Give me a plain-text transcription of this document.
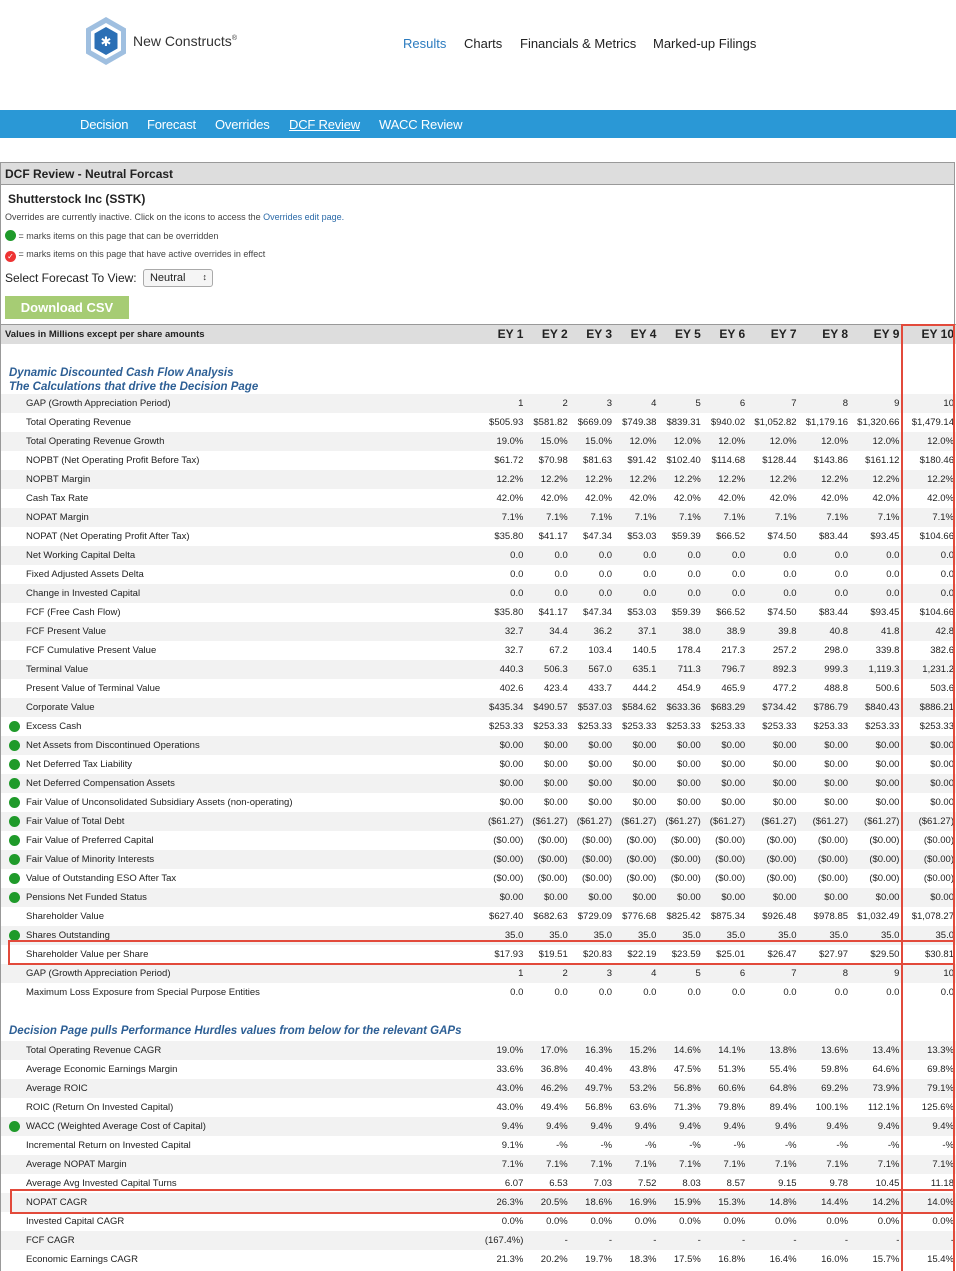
✱ New Constructs®	Results Charts Financials & Metrics Marked-up Filings
Decision Forecast Overrides DCF Review WACC Review
DCF Review - Neutral Forcast
Shutterstock Inc (SSTK)
Overrides are currently inactive. Click on the icons to access the Overrides edit page.
= marks items on this page that can be overridden
✓ = marks items on this page that have active overrides in effect
Select Forecast To View: Neutral ↕
Download CSV
Values in Millions except per share amounts	EY 1	EY 2	EY 3	EY 4	EY 5	EY 6	EY 7	EY 8	EY 9	EY 10

Dynamic Discounted Cash Flow Analysis
The Calculations that drive the Decision Page										

GAP (Growth Appreciation Period)	1	2	3	4	5	6	7	8	9	10
Total Operating Revenue	$505.93	$581.82	$669.09	$749.38	$839.31	$940.02	$1,052.82	$1,179.16	$1,320.66	$1,479.14
Total Operating Revenue Growth	19.0%	15.0%	15.0%	12.0%	12.0%	12.0%	12.0%	12.0%	12.0%	12.0%
NOPBT (Net Operating Profit Before Tax)	$61.72	$70.98	$81.63	$91.42	$102.40	$114.68	$128.44	$143.86	$161.12	$180.46
NOPBT Margin	12.2%	12.2%	12.2%	12.2%	12.2%	12.2%	12.2%	12.2%	12.2%	12.2%
Cash Tax Rate	42.0%	42.0%	42.0%	42.0%	42.0%	42.0%	42.0%	42.0%	42.0%	42.0%
NOPAT Margin	7.1%	7.1%	7.1%	7.1%	7.1%	7.1%	7.1%	7.1%	7.1%	7.1%
NOPAT (Net Operating Profit After Tax)	$35.80	$41.17	$47.34	$53.03	$59.39	$66.52	$74.50	$83.44	$93.45	$104.66
Net Working Capital Delta	0.0	0.0	0.0	0.0	0.0	0.0	0.0	0.0	0.0	0.0
Fixed Adjusted Assets Delta	0.0	0.0	0.0	0.0	0.0	0.0	0.0	0.0	0.0	0.0
Change in Invested Capital	0.0	0.0	0.0	0.0	0.0	0.0	0.0	0.0	0.0	0.0
FCF (Free Cash Flow)	$35.80	$41.17	$47.34	$53.03	$59.39	$66.52	$74.50	$83.44	$93.45	$104.66
FCF Present Value	32.7	34.4	36.2	37.1	38.0	38.9	39.8	40.8	41.8	42.8
FCF Cumulative Present Value	32.7	67.2	103.4	140.5	178.4	217.3	257.2	298.0	339.8	382.6
Terminal Value	440.3	506.3	567.0	635.1	711.3	796.7	892.3	999.3	1,119.3	1,231.2
Present Value of Terminal Value	402.6	423.4	433.7	444.2	454.9	465.9	477.2	488.8	500.6	503.6
Corporate Value	$435.34	$490.57	$537.03	$584.62	$633.36	$683.29	$734.42	$786.79	$840.43	$886.21

Excess Cash	$253.33	$253.33	$253.33	$253.33	$253.33	$253.33	$253.33	$253.33	$253.33	$253.33

Net Assets from Discontinued Operations	$0.00	$0.00	$0.00	$0.00	$0.00	$0.00	$0.00	$0.00	$0.00	$0.00

Net Deferred Tax Liability	$0.00	$0.00	$0.00	$0.00	$0.00	$0.00	$0.00	$0.00	$0.00	$0.00

Net Deferred Compensation Assets	$0.00	$0.00	$0.00	$0.00	$0.00	$0.00	$0.00	$0.00	$0.00	$0.00

Fair Value of Unconsolidated Subsidiary Assets (non-operating)	$0.00	$0.00	$0.00	$0.00	$0.00	$0.00	$0.00	$0.00	$0.00	$0.00

Fair Value of Total Debt	($61.27)	($61.27)	($61.27)	($61.27)	($61.27)	($61.27)	($61.27)	($61.27)	($61.27)	($61.27)

Fair Value of Preferred Capital	($0.00)	($0.00)	($0.00)	($0.00)	($0.00)	($0.00)	($0.00)	($0.00)	($0.00)	($0.00)

Fair Value of Minority Interests	($0.00)	($0.00)	($0.00)	($0.00)	($0.00)	($0.00)	($0.00)	($0.00)	($0.00)	($0.00)

Value of Outstanding ESO After Tax	($0.00)	($0.00)	($0.00)	($0.00)	($0.00)	($0.00)	($0.00)	($0.00)	($0.00)	($0.00)

Pensions Net Funded Status	$0.00	$0.00	$0.00	$0.00	$0.00	$0.00	$0.00	$0.00	$0.00	$0.00
Shareholder Value	$627.40	$682.63	$729.09	$776.68	$825.42	$875.34	$926.48	$978.85	$1,032.49	$1,078.27

Shares Outstanding	35.0	35.0	35.0	35.0	35.0	35.0	35.0	35.0	35.0	35.0
Shareholder Value per Share	$17.93	$19.51	$20.83	$22.19	$23.59	$25.01	$26.47	$27.97	$29.50	$30.81
GAP (Growth Appreciation Period)	1	2	3	4	5	6	7	8	9	10
Maximum Loss Exposure from Special Purpose Entities	0.0	0.0	0.0	0.0	0.0	0.0	0.0	0.0	0.0	0.0

Decision Page pulls Performance Hurdles values from below for the relevant GAPs										
Total Operating Revenue CAGR	19.0%	17.0%	16.3%	15.2%	14.6%	14.1%	13.8%	13.6%	13.4%	13.3%
Average Economic Earnings Margin	33.6%	36.8%	40.4%	43.8%	47.5%	51.3%	55.4%	59.8%	64.6%	69.8%
Average ROIC	43.0%	46.2%	49.7%	53.2%	56.8%	60.6%	64.8%	69.2%	73.9%	79.1%
ROIC (Return On Invested Capital)	43.0%	49.4%	56.8%	63.6%	71.3%	79.8%	89.4%	100.1%	112.1%	125.6%

WACC (Weighted Average Cost of Capital)	9.4%	9.4%	9.4%	9.4%	9.4%	9.4%	9.4%	9.4%	9.4%	9.4%
Incremental Return on Invested Capital	9.1%	-%	-%	-%	-%	-%	-%	-%	-%	-%
Average NOPAT Margin	7.1%	7.1%	7.1%	7.1%	7.1%	7.1%	7.1%	7.1%	7.1%	7.1%
Average Avg Invested Capital Turns	6.07	6.53	7.03	7.52	8.03	8.57	9.15	9.78	10.45	11.18
NOPAT CAGR	26.3%	20.5%	18.6%	16.9%	15.9%	15.3%	14.8%	14.4%	14.2%	14.0%
Invested Capital CAGR	0.0%	0.0%	0.0%	0.0%	0.0%	0.0%	0.0%	0.0%	0.0%	0.0%
FCF CAGR	(167.4%)	-	-	-	-	-	-	-	-	-
Economic Earnings CAGR	21.3%	20.2%	19.7%	18.3%	17.5%	16.8%	16.4%	16.0%	15.7%	15.4%
